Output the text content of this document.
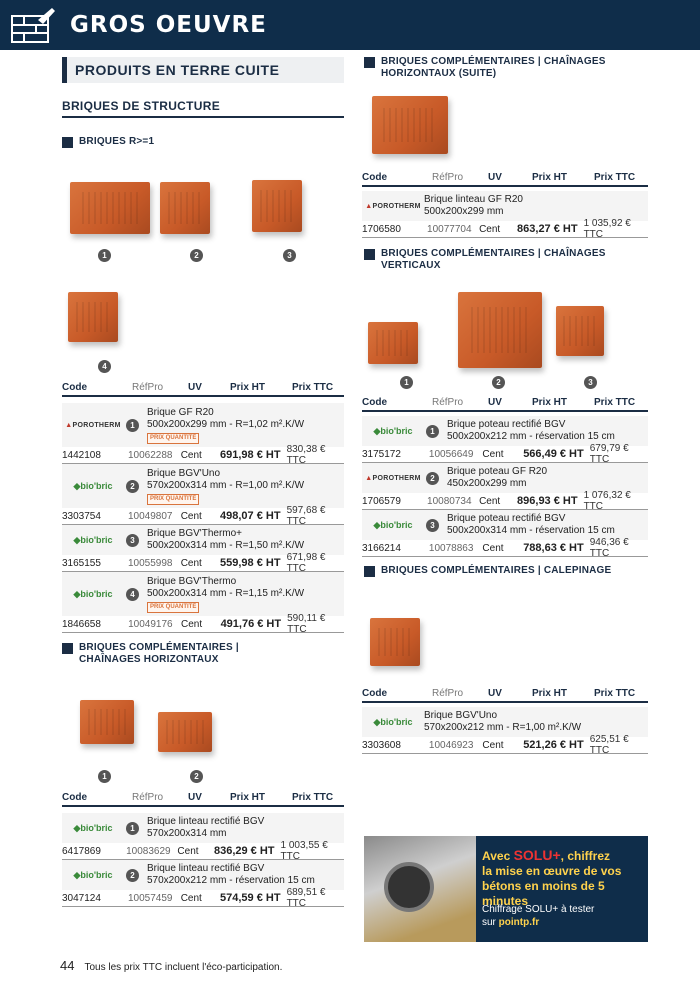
GROS OEUVRE
PRODUITS EN TERRE CUITE
BRIQUES DE STRUCTURE
BRIQUES R>=1
1	2	3
4
Code	RéfPro	UV	Prix HT	Prix TTC
▲POROTHERM	1
Brique GF R20
500x200x299 mm - R=1,02 m².K/W
PRIX QUANTITÉ
1442108	10062288 Cent	691,98 € HT 830,38 € TTC
◆bio'bric	2
Brique BGV'Uno
570x200x314 mm - R=1,00 m².K/W
PRIX QUANTITÉ
3303754	10049807 Cent	498,07 € HT 597,68 € TTC
◆bio'bric	3
Brique BGV'Thermo+
500x200x314 mm - R=1,50 m².K/W
3165155	10055998 Cent	559,98 € HT 671,98 € TTC
◆bio'bric	4
Brique BGV'Thermo
500x200x314 mm - R=1,15 m².K/W
PRIX QUANTITÉ
1846658	10049176 Cent	491,76 € HT 590,11 € TTC
BRIQUES COMPLÉMENTAIRES | CHAÎNAGES HORIZONTAUX
1	2
Code	RéfPro	UV	Prix HT	Prix TTC
◆bio'bric	1
Brique linteau rectifié BGV
570x200x314 mm
6417869	10083629 Cent	836,29 € HT 1 003,55 € TTC
◆bio'bric	2
Brique linteau rectifié BGV
570x200x212 mm - réservation 15 cm
3047124	10057459 Cent	574,59 € HT 689,51 € TTC
BRIQUES COMPLÉMENTAIRES | CHAÎNAGES HORIZONTAUX (SUITE)
Code	RéfPro	UV	Prix HT	Prix TTC
▲POROTHERM
Brique linteau GF R20
500x200x299 mm
1706580	10077704 Cent	863,27 € HT 1 035,92 € TTC
BRIQUES COMPLÉMENTAIRES | CHAÎNAGES VERTICAUX
1	2	3
Code	RéfPro	UV	Prix HT	Prix TTC
◆bio'bric	1
Brique poteau rectifié BGV
500x200x212 mm - réservation 15 cm
3175172	10056649 Cent	566,49 € HT 679,79 € TTC
▲POROTHERM	2
Brique poteau GF R20
450x200x299 mm
1706579	10080734 Cent	896,93 € HT 1 076,32 € TTC
◆bio'bric	3
Brique poteau rectifié BGV
500x200x314 mm - réservation 15 cm
3166214	10078863 Cent	788,63 € HT 946,36 € TTC
BRIQUES COMPLÉMENTAIRES | CALEPINAGE
Code	RéfPro	UV	Prix HT	Prix TTC
◆bio'bric
Brique BGV'Uno
570x200x212 mm - R=1,00 m².K/W
3303608	10046923 Cent	521,26 € HT 625,51 € TTC
Avec SOLU+, chiffrez
la mise en œuvre de vos
bétons en moins de 5 minutes
Chiffrage SOLU+ à tester
sur pointp.fr
44 Tous les prix TTC incluent l'éco-participation.
